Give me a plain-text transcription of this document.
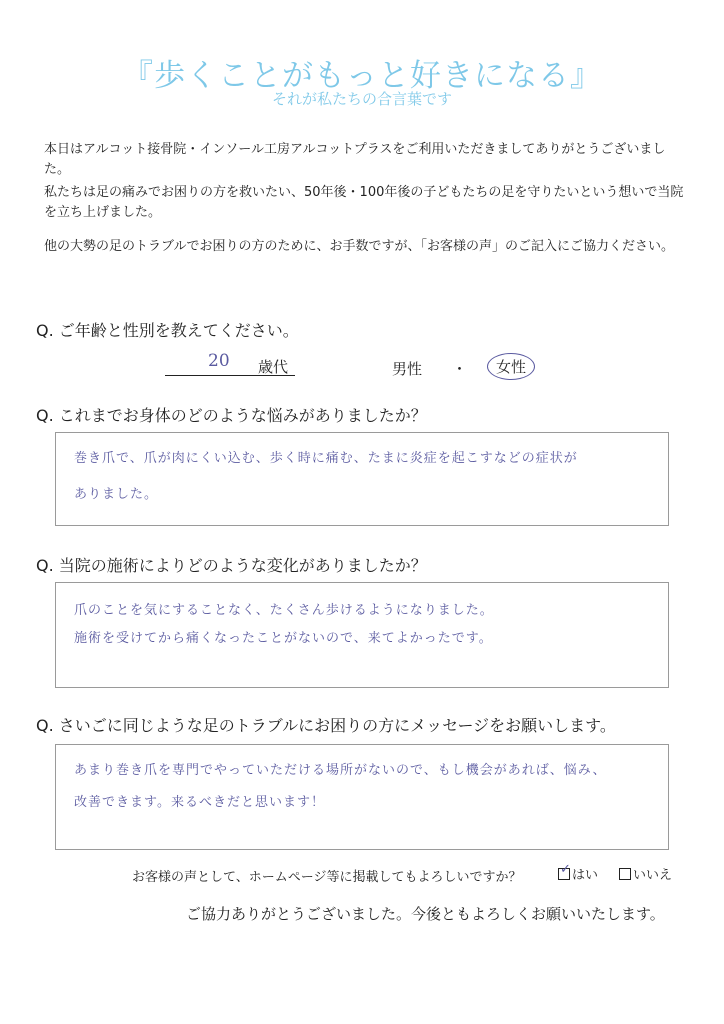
『歩くことがもっと好きになる』
それが私たちの合言葉です
本日はアルコット接骨院・インソール工房アルコットプラスをご利用いただきましてありがとうございました。
私たちは足の痛みでお困りの方を救いたい、50年後・100年後の子どもたちの足を守りたいという想いで当院を立ち上げました。
他の大勢の足のトラブルでお困りの方のために、お手数ですが、「お客様の声」のご記入にご協力ください。
Q. ご年齢と性別を教えてください。
20 歳代	男性 ・	女性
Q. これまでお身体のどのような悩みがありましたか？
巻き爪で、爪が肉にくい込む、歩く時に痛む、たまに炎症を起こすなどの症状が
ありました。
Q. 当院の施術によりどのような変化がありましたか？
爪のことを気にすることなく、たくさん歩けるようになりました。
施術を受けてから痛くなったことがないので、来てよかったです。
Q. さいごに同じような足のトラブルにお困りの方にメッセージをお願いします。
あまり巻き爪を専門でやっていただける場所がないので、もし機会があれば、悩み、
改善できます。来るべきだと思います！
お客様の声として、ホームページ等に掲載してもよろしいですか？
✓ はい	いいえ
ご協力ありがとうございました。今後ともよろしくお願いいたします。
